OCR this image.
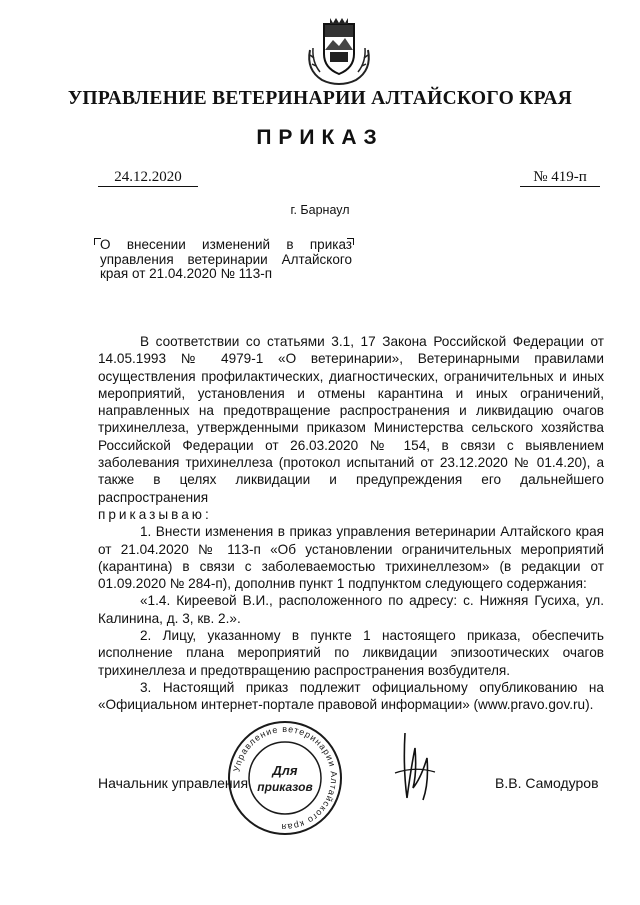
УПРАВЛЕНИЕ ВЕТЕРИНАРИИ АЛТАЙСКОГО КРАЯ
ПРИКАЗ
24.12.2020	№ 419-п
г. Барнаул
О внесении изменений в приказ управления ветеринарии Алтайского края от 21.04.2020 № 113-п

В соответствии со статьями 3.1, 17 Закона Российской Федерации от 14.05.1993 № 4979-1 «О ветеринарии», Ветеринарными правилами осуществления профилактических, диагностических, ограничительных и иных мероприятий, установления и отмены карантина и иных ограничений, направленных на предотвращение распространения и ликвидацию очагов трихинеллеза, утвержденными приказом Министерства сельского хозяйства Российской Федерации от 26.03.2020 № 154, в связи с выявлением заболевания трихинеллеза (протокол испытаний от 23.12.2020 № 01.4.20), а также в целях ликвидации и предупреждения его дальнейшего распространения

приказываю:

1. Внести изменения в приказ управления ветеринарии Алтайского края от 21.04.2020 № 113-п «Об установлении ограничительных мероприятий (карантина) в связи с заболеваемостью трихинеллезом» (в редакции от 01.09.2020 № 284-п), дополнив пункт 1 подпунктом следующего содержания:

«1.4. Киреевой В.И., расположенного по адресу: с. Нижняя Гусиха, ул. Калинина, д. 3, кв. 2.».

2. Лицу, указанному в пункте 1 настоящего приказа, обеспечить исполнение плана мероприятий по ликвидации эпизоотических очагов трихинеллеза и предотвращению распространения возбудителя.

3. Настоящий приказ подлежит официальному опубликованию на «Официальном интернет-портале правовой информации» (www.pravo.gov.ru).

Начальник управления	В.В. Самодуров
Управление ветеринарии Алтайского края
Для
приказов
